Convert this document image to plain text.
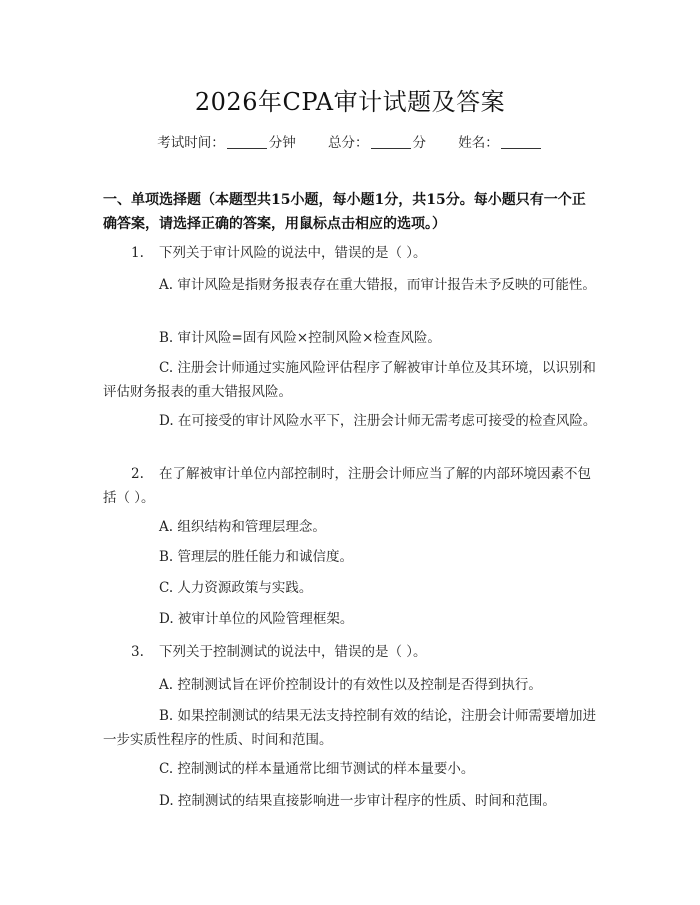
2026年CPA审计试题及答案
考试时间：	分钟 总分：	分 姓名：
一、单项选择题（本题型共15小题，每小题1分，共15分。每小题只有一个正确答案，请选择正确的答案，用鼠标点击相应的选项。）
1. 下列关于审计风险的说法中，错误的是（ ）。
A. 审计风险是指财务报表存在重大错报，而审计报告未予反映的可能性。
B. 审计风险=固有风险×控制风险×检查风险。
C. 注册会计师通过实施风险评估程序了解被审计单位及其环境，以识别和评估财务报表的重大错报风险。
D. 在可接受的审计风险水平下，注册会计师无需考虑可接受的检查风险。
2. 在了解被审计单位内部控制时，注册会计师应当了解的内部环境因素不包括（ ）。
A. 组织结构和管理层理念。
B. 管理层的胜任能力和诚信度。
C. 人力资源政策与实践。
D. 被审计单位的风险管理框架。
3. 下列关于控制测试的说法中，错误的是（ ）。
A. 控制测试旨在评价控制设计的有效性以及控制是否得到执行。
B. 如果控制测试的结果无法支持控制有效的结论，注册会计师需要增加进一步实质性程序的性质、时间和范围。
C. 控制测试的样本量通常比细节测试的样本量要小。
D. 控制测试的结果直接影响进一步审计程序的性质、时间和范围。
